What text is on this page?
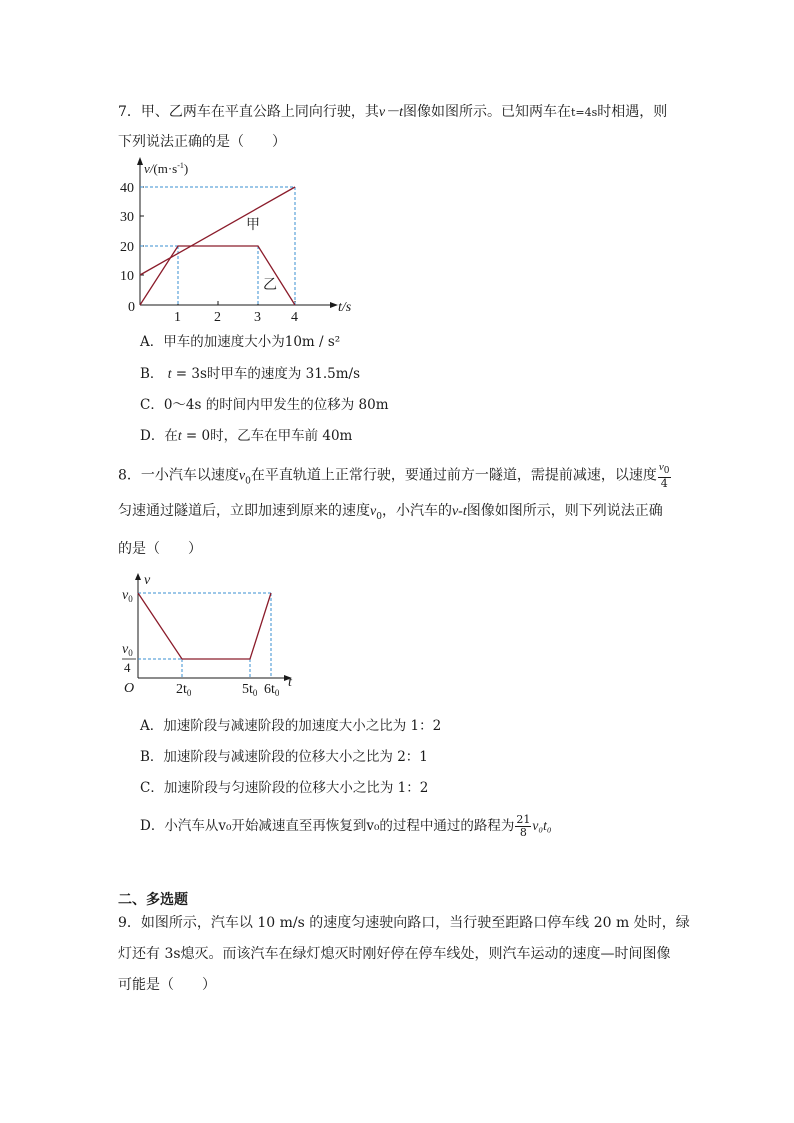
7．甲、乙两车在平直公路上同向行驶，其v－t图像如图所示。已知两车在t=4s时相遇，则
下列说法正确的是（　　）
$v/(m\cdot s^{-1})$
40
30
20
10
0
1 2 3 4
t/s
甲
乙
A．甲车的加速度大小为10m / s²
B． t = 3s时甲车的速度为 31.5m/s
C．0～4s 的时间内甲发生的位移为 80m
D．在t = 0时，乙车在甲车前 40m
8．一小汽车以速度$v_0$在平直轨道上正常行驶，要通过前方一隧道，需提前减速，以速度 $\frac{v_0}{4}$
匀速通过隧道后，立即加速到原来的速度$v_0$，小汽车的v-t图像如图所示，则下列说法正确
的是（　　）
v
t
O
$v_0$
$v_0$
4
$2t_0$	$5t_0$ $6t_0$
A．加速阶段与减速阶段的加速度大小之比为 1：2
B．加速阶段与减速阶段的位移大小之比为 2：1
C．加速阶段与匀速阶段的位移大小之比为 1：2
D．小汽车从v₀开始减速直至再恢复到v₀的过程中通过的路程为 $\frac{21}{8} v_0t_0$
二、多选题
9．如图所示，汽车以 10 m/s 的速度匀速驶向路口，当行驶至距路口停车线 20 m 处时，绿
灯还有 3s熄灭。而该汽车在绿灯熄灭时刚好停在停车线处，则汽车运动的速度—时间图像
可能是（　　）
